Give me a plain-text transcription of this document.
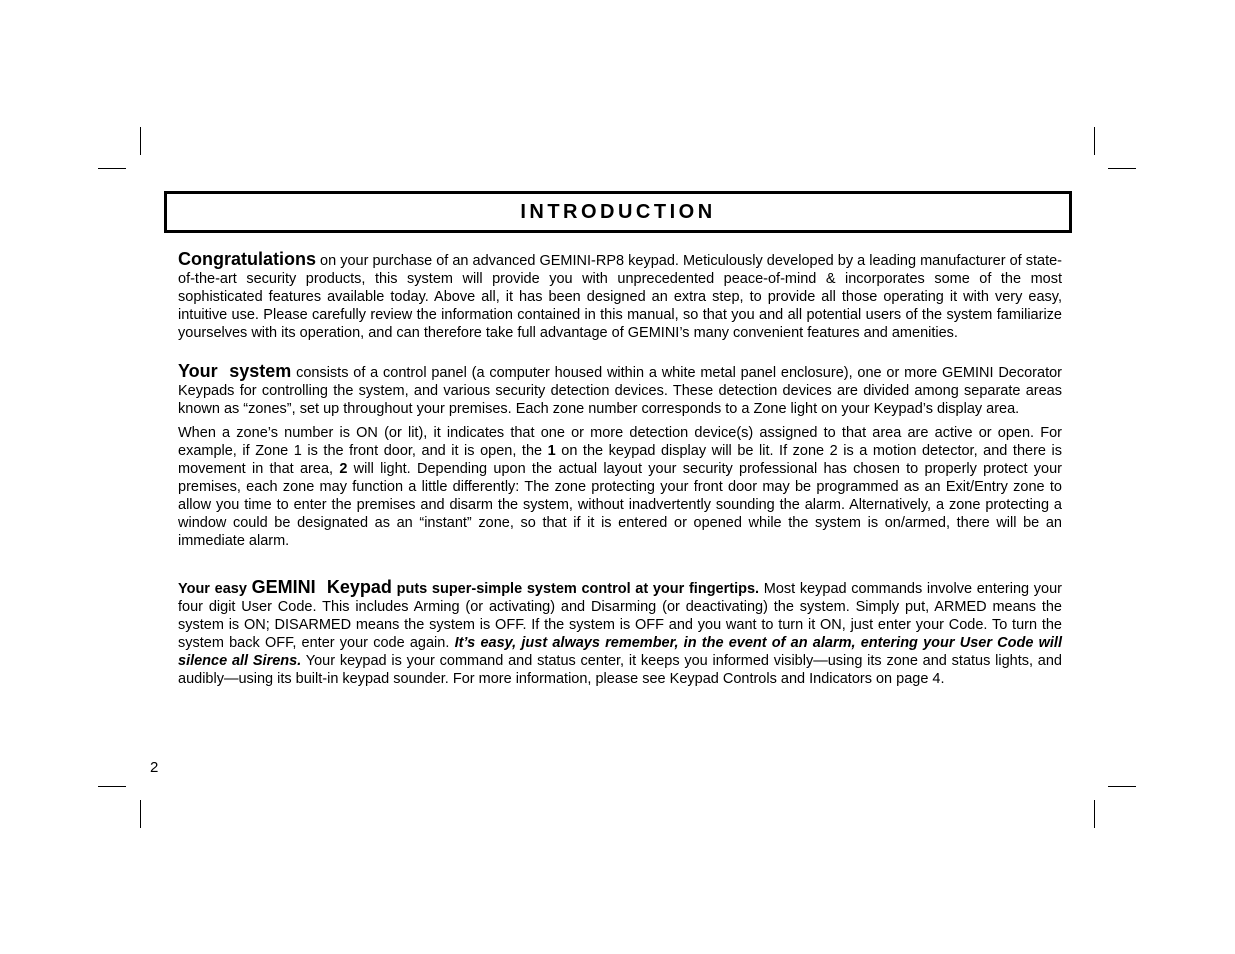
INTRODUCTION

Congratulations on your purchase of an advanced GEMINI-RP8 keypad. Meticulously developed by a leading manufacturer of state-of-the-art security products, this system will provide you with unprecedented peace-of-mind & incorporates some of the most sophisticated features available today. Above all, it has been designed an extra step, to provide all those operating it with very easy, intuitive use. Please carefully review the information contained in this manual, so that you and all potential users of the system familiarize yourselves with its operation, and can therefore take full advantage of GEMINI’s many convenient features and amenities.

Your  system consists of a control panel (a computer housed within a white metal panel enclosure), one or more GEMINI Decorator Keypads for controlling the system, and various security detection devices. These detection devices are divided among separate areas known as “zones”, set up throughout your premises. Each zone number corresponds to a Zone light on your Keypad’s display area.

When a zone’s number is ON (or lit), it indicates that one or more detection device(s) assigned to that area are active or open. For example, if Zone 1 is the front door, and it is open, the 1 on the keypad display will be lit. If zone 2 is a motion detector, and there is movement in that area, 2 will light. Depending upon the actual layout your security professional has chosen to properly protect your premises, each zone may function a little differently: The zone protecting your front door may be programmed as an Exit/Entry zone to allow you time to enter the premises and disarm the system, without inadvertently sounding the alarm. Alternatively, a zone protecting a window could be designated as an “instant” zone, so that if it is entered or opened while the system is on/armed, there will be an immediate alarm.

Your easy GEMINI  Keypad puts super-simple system control at your fingertips. Most keypad commands involve entering your four digit User Code. This includes Arming (or activating) and Disarming (or deactivating) the system. Simply put, ARMED means the system is ON; DISARMED means the system is OFF. If the system is OFF and you want to turn it ON, just enter your Code. To turn the system back OFF, enter your code again. It’s easy, just always remember, in the event of an alarm, entering your User Code will silence all Sirens. Your keypad is your command and status center, it keeps you informed visibly—using its zone and status lights, and audibly—using its built-in keypad sounder. For more information, please see Keypad Controls and Indicators on page 4.

2
